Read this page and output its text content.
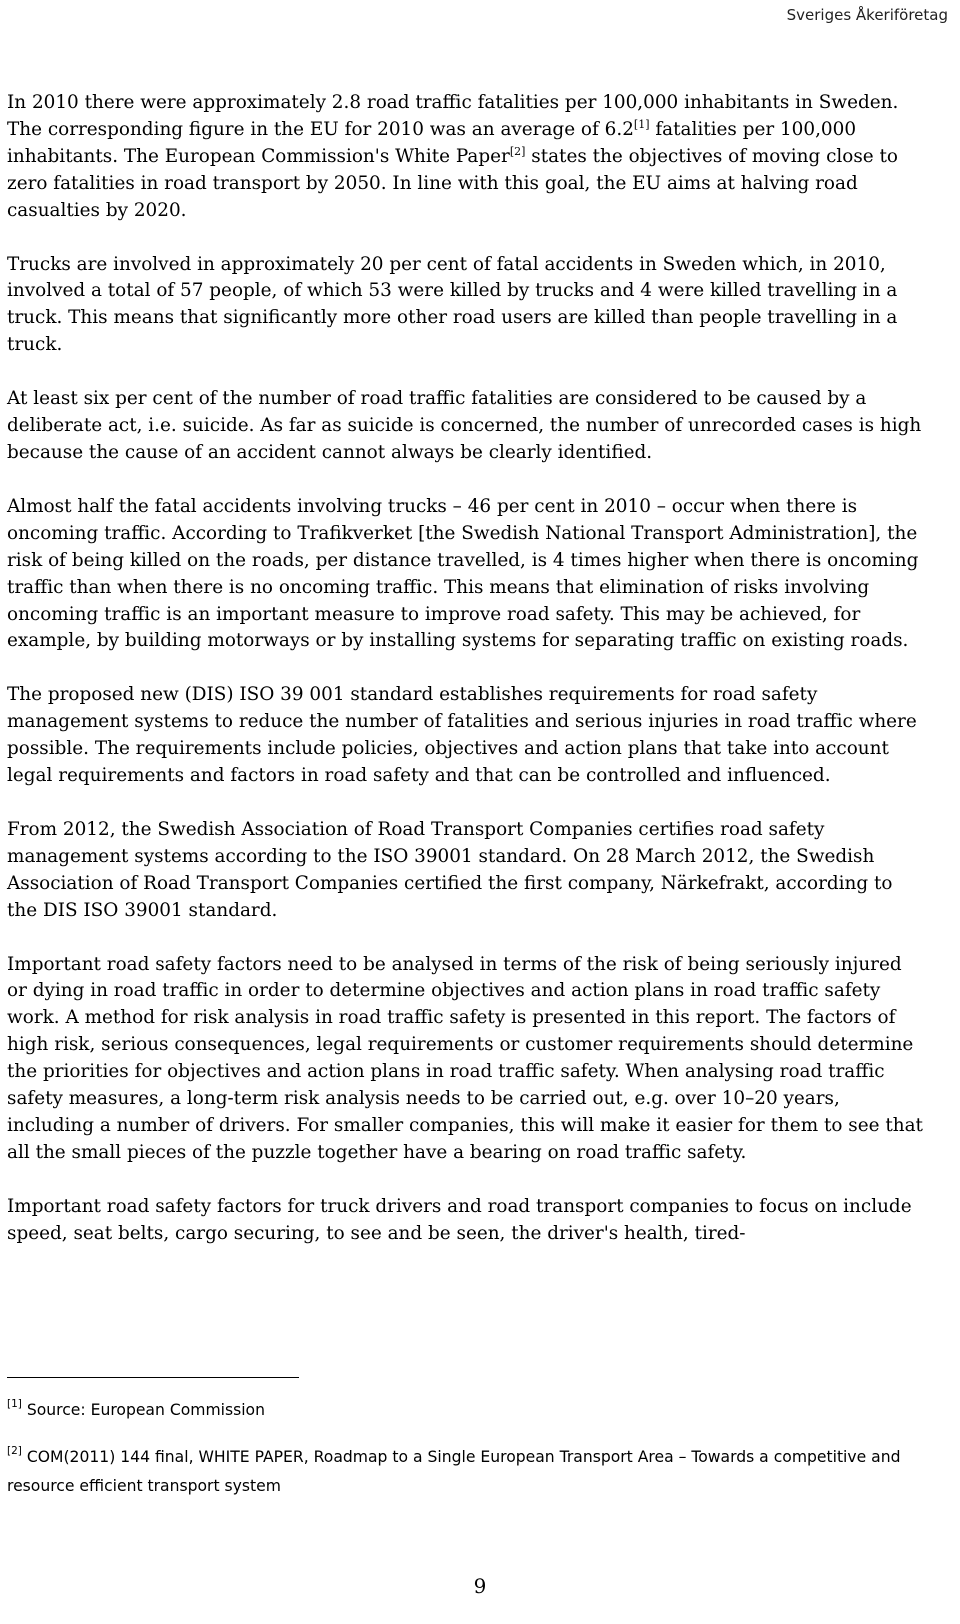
Sveriges Åkeriföretag

In 2010 there were approximately 2.8 road traffic fatalities per 100,000 inhabitants in Sweden. The corresponding figure in the EU for 2010 was an average of 6.2[1] fatalities per 100,000 inhabitants. The European Commission's White Paper[2] states the objectives of moving close to zero fatalities in road transport by 2050. In line with this goal, the EU aims at halving road casualties by 2020.

Trucks are involved in approximately 20 per cent of fatal accidents in Sweden which, in 2010, involved a total of 57 people, of which 53 were killed by trucks and 4 were killed travelling in a truck. This means that significantly more other road users are killed than people travelling in a truck.

At least six per cent of the number of road traffic fatalities are considered to be caused by a deliberate act, i.e. suicide. As far as suicide is concerned, the number of unrecorded cases is high because the cause of an accident cannot always be clearly identified.

Almost half the fatal accidents involving trucks – 46 per cent in 2010 – occur when there is oncoming traffic. According to Trafikverket [the Swedish National Transport Administration], the risk of being killed on the roads, per distance travelled, is 4 times higher when there is oncoming traffic than when there is no oncoming traffic. This means that elimination of risks involving oncoming traffic is an important measure to improve road safety. This may be achieved, for example, by building motorways or by installing systems for separating traffic on existing roads.

The proposed new (DIS) ISO 39 001 standard establishes requirements for road safety management systems to reduce the number of fatalities and serious injuries in road traffic where possible. The requirements include policies, objectives and action plans that take into account legal requirements and factors in road safety and that can be controlled and influenced.

From 2012, the Swedish Association of Road Transport Companies certifies road safety management systems according to the ISO 39001 standard. On 28 March 2012, the Swedish Association of Road Transport Companies certified the first company, Närkefrakt, according to the DIS ISO 39001 standard.

Important road safety factors need to be analysed in terms of the risk of being seriously injured or dying in road traffic in order to determine objectives and action plans in road traffic safety work. A method for risk analysis in road traffic safety is presented in this report. The factors of high risk, serious consequences, legal requirements or customer requirements should determine the priorities for objectives and action plans in road traffic safety. When analysing road traffic safety measures, a long-term risk analysis needs to be carried out, e.g. over 10–20 years, including a number of drivers. For smaller companies, this will make it easier for them to see that all the small pieces of the puzzle together have a bearing on road traffic safety.

Important road safety factors for truck drivers and road transport companies to focus on include speed, seat belts, cargo securing, to see and be seen, the driver's health, tired-

[1] Source: European Commission

[2] COM(2011) 144 final, WHITE PAPER, Roadmap to a Single European Transport Area – Towards a competitive and resource efficient transport system

9
